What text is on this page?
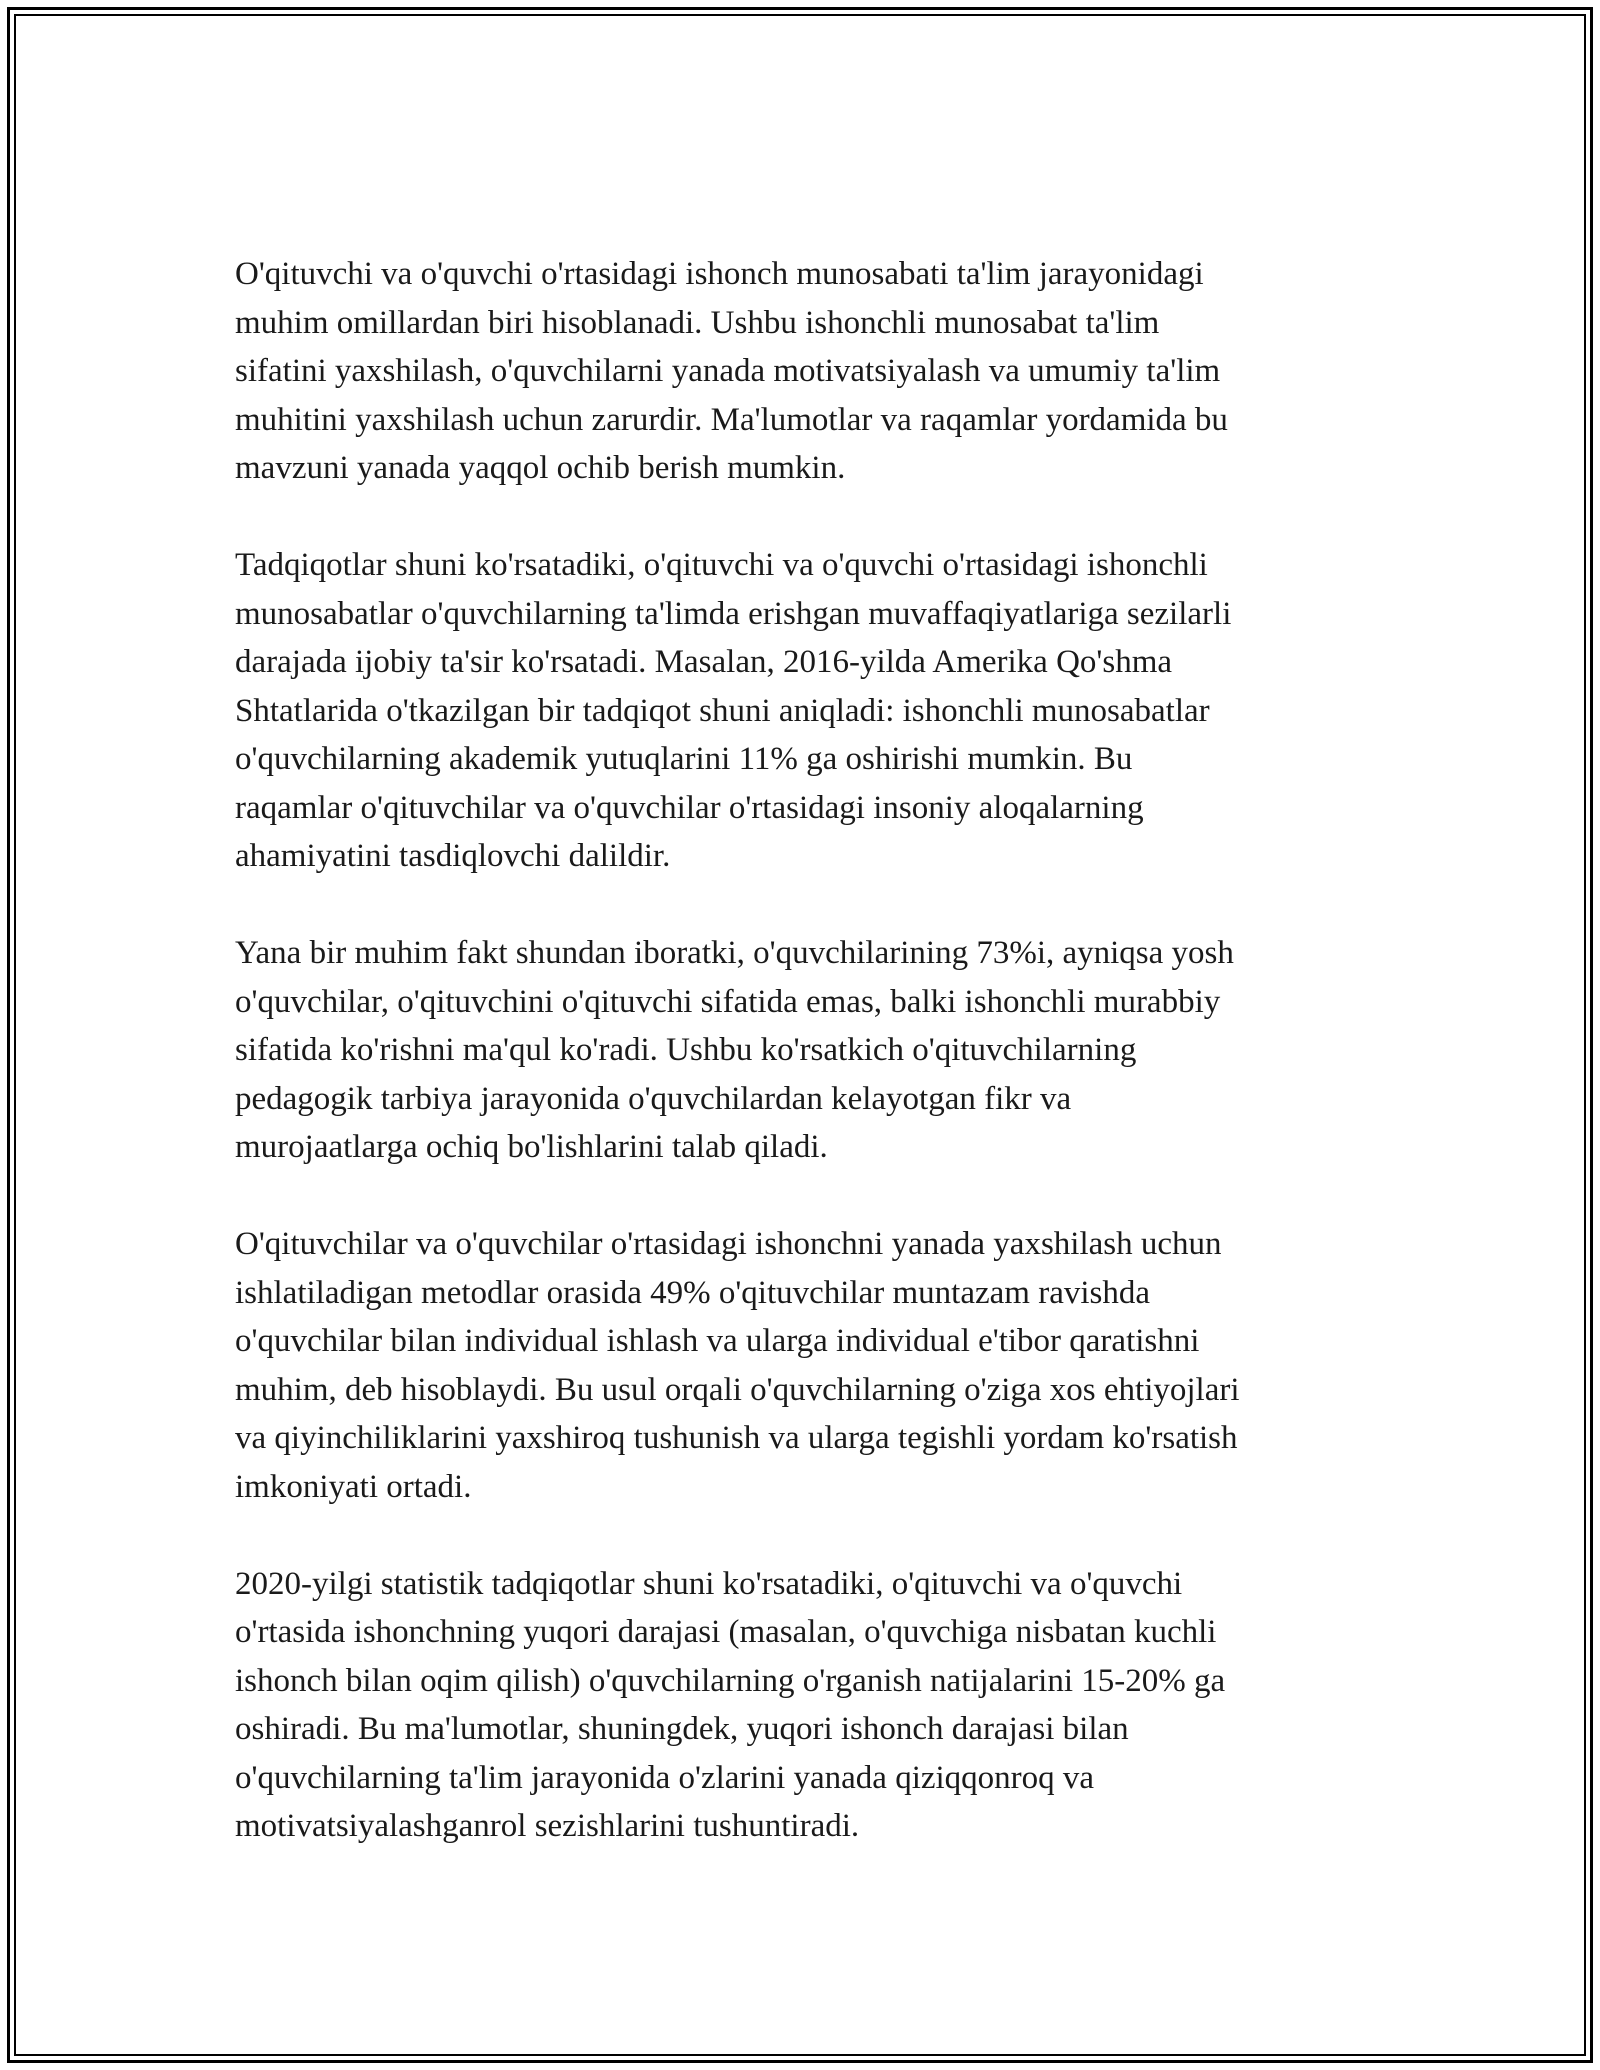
O'qituvchi va o'quvchi o'rtasidagi ishonch munosabati ta'lim jarayonidagi
muhim omillardan biri hisoblanadi. Ushbu ishonchli munosabat ta'lim
sifatini yaxshilash, o'quvchilarni yanada motivatsiyalash va umumiy ta'lim
muhitini yaxshilash uchun zarurdir. Ma'lumotlar va raqamlar yordamida bu
mavzuni yanada yaqqol ochib berish mumkin.

Tadqiqotlar shuni ko'rsatadiki, o'qituvchi va o'quvchi o'rtasidagi ishonchli
munosabatlar o'quvchilarning ta'limda erishgan muvaffaqiyatlariga sezilarli
darajada ijobiy ta'sir ko'rsatadi. Masalan, 2016-yilda Amerika Qo'shma
Shtatlarida o'tkazilgan bir tadqiqot shuni aniqladi: ishonchli munosabatlar
o'quvchilarning akademik yutuqlarini 11% ga oshirishi mumkin. Bu
raqamlar o'qituvchilar va o'quvchilar o'rtasidagi insoniy aloqalarning
ahamiyatini tasdiqlovchi dalildir.

Yana bir muhim fakt shundan iboratki, o'quvchilarining 73%i, ayniqsa yosh
o'quvchilar, o'qituvchini o'qituvchi sifatida emas, balki ishonchli murabbiy
sifatida ko'rishni ma'qul ko'radi. Ushbu ko'rsatkich o'qituvchilarning
pedagogik tarbiya jarayonida o'quvchilardan kelayotgan fikr va
murojaatlarga ochiq bo'lishlarini talab qiladi.

O'qituvchilar va o'quvchilar o'rtasidagi ishonchni yanada yaxshilash uchun
ishlatiladigan metodlar orasida 49% o'qituvchilar muntazam ravishda
o'quvchilar bilan individual ishlash va ularga individual e'tibor qaratishni
muhim, deb hisoblaydi. Bu usul orqali o'quvchilarning o'ziga xos ehtiyojlari
va qiyinchiliklarini yaxshiroq tushunish va ularga tegishli yordam ko'rsatish
imkoniyati ortadi.

2020-yilgi statistik tadqiqotlar shuni ko'rsatadiki, o'qituvchi va o'quvchi
o'rtasida ishonchning yuqori darajasi (masalan, o'quvchiga nisbatan kuchli
ishonch bilan oqim qilish) o'quvchilarning o'rganish natijalarini 15-20% ga
oshiradi. Bu ma'lumotlar, shuningdek, yuqori ishonch darajasi bilan
o'quvchilarning ta'lim jarayonida o'zlarini yanada qiziqqonroq va
motivatsiyalashganrol sezishlarini tushuntiradi.
